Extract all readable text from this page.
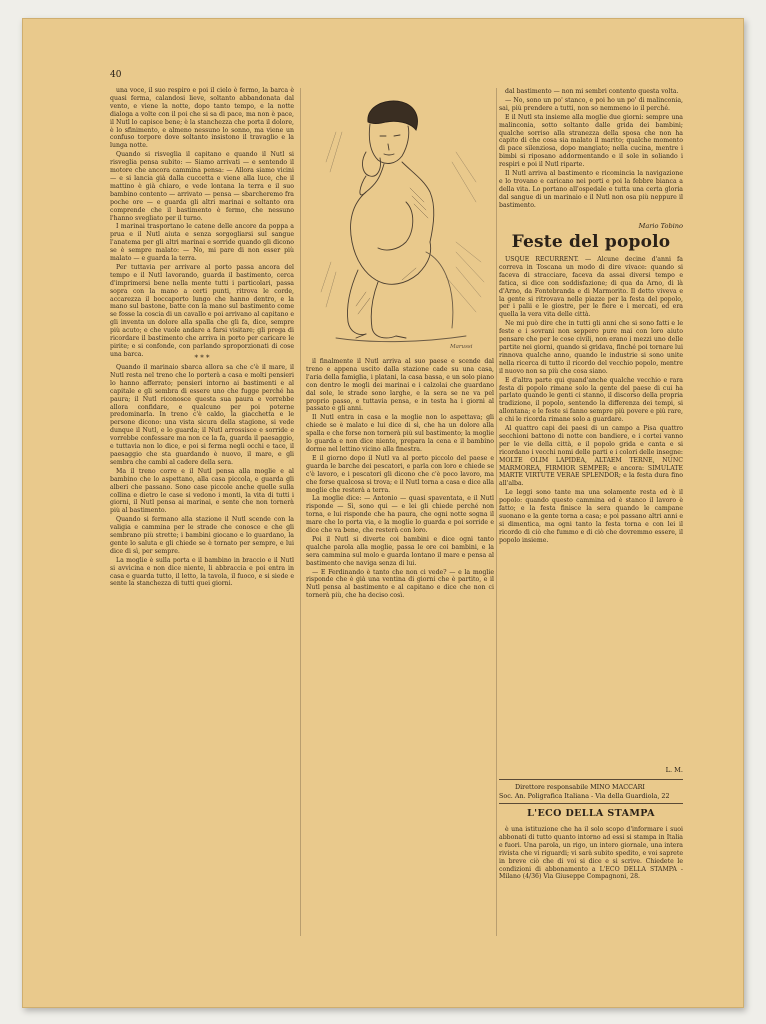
40

una voce, il suo respiro e poi il cielo è fermo, la barca è quasi ferma, calandosi lieve, soltanto abbandonata dal vento, e viene la notte, dopo tanto tempo, e la notte dialoga a volte con il poi che si sa di pace, ma non è pace, il Nutl lo capisce bene; è la stanchezza che porta il dolore, è lo sfinimento, e almeno nessuno lo sonno, ma viene un confuso torpore dove soltanto insistono il travaglio e la lunga notte.

Quando si risveglia il capitano e quando il Nutl si risveglia pensa subito: — Siamo arrivati — e sentendo il motore che ancora cammina pensa: — Allora siamo vicini — e si lancia già dalla cuccetta e viene alla luce, che il mattino è già chiaro, e vede lontana la terra e il suo bambino contento — arrivato — pensa — sbarcheremo fra poche ore — e guarda gli altri marinai e soltanto ora comprende che il bastimento è fermo, che nessuno l'hanno svegliato per il turno.

I marinai trasportano le catene delle ancore da poppa a prua e il Nutl aiuta e senza sorgogliarsi sul sangue l'anatema per gli altri marinai e sorride quando gli dicono se è sempre malato: — No, mi pare di non esser più malato — e guarda la terra.

Per tuttavia per arrivare al porto passa ancora del tempo e il Nutl lavorando, guarda il bastimento, cerca d'imprimersi bene nella mente tutti i particolari, passa sopra con la mano a certi punti, ritrova le corde, accarezza il boccaporto lungo che hanno dentro, e la mano sul bastone, batte con la mano sul bastimento come se fosse la coscia di un cavallo e poi arrivano al capitano e gli inventa un dolore alla spalla che gli fa, dice, sempre più acuto; e che vuole andare a farsi visitare; gli prega di ricordare il bastimento che arriva in porto per caricare le pirite; e si confonde, con parlando sproporzionati di cose una barca.	* * *

Quando il marinaio sbarca allora sa che c'è il mare, il Nutl resta nel treno che lo porterà a casa e molti pensieri lo hanno afferrato; pensieri intorno ai bastimenti e al capitale e gli sembra di essere uno che fugge perché ha paura; il Nutl riconosce questa sua paura e vorrebbe allora confidare, e qualcuno per poi poterne predominarla. In treno c'è caldo, la giacchetta e le persone dicono: una vista sicura della stagione, si vede dunque il Nutl, e lo guarda; il Nutl arrossisce e sorride e vorrebbe confessare ma non ce la fa, guarda il paesaggio, e tuttavia non lo dice, e poi si ferma negli occhi e tace, il paesaggio che sta guardando è nuovo, il mare, e gli sembra che cambi al cadere della sera.

Ma il treno corre e il Nutl pensa alla moglie e al bambino che lo aspettano, alla casa piccola, e guarda gli alberi che passano. Sono case piccole anche quelle sulla collina e dietro le case si vedono i monti, la vita di tutti i giorni, il Nutl pensa ai marinai, e sente che non tornerà più al bastimento.

Quando si fermano alla stazione il Nutl scende con la valigia e cammina per le strade che conosce e che gli sembrano più strette; i bambini giocano e lo guardano, la gente lo saluta e gli chiede se è tornato per sempre, e lui dice di sì, per sempre.

La moglie è sulla porta e il bambino in braccio e il Nutl si avvicina e non dice niente, li abbraccia e poi entra in casa e guarda tutto, il letto, la tavola, il fuoco, e si siede e sente la stanchezza di tutti quei giorni.

Marussi

il finalmente il Nutl arriva al suo paese e scende dal treno e appena uscito dalla stazione cade su una casa, l'aria della famiglia, i platani, la casa bassa, e un solo piano con dentro le mogli dei marinai e i calzolai che guardano dal sole, le strade sono larghe, e la sera se ne va pel proprio passo, e tuttavia pensa, e in testa ha i giorni al passato e gli anni.

Il Nutl entra in casa e la moglie non lo aspettava; gli chiede se è malato e lui dice di sì, che ha un dolore alla spalla e che forse non tornerà più sul bastimento; la moglie lo guarda e non dice niente, prepara la cena e il bambino dorme nel lettino vicino alla finestra.

E il giorno dopo il Nutl va al porto piccolo del paese e guarda le barche dei pescatori, e parla con loro e chiede se c'è lavoro, e i pescatori gli dicono che c'è poco lavoro, ma che forse qualcosa si trova; e il Nutl torna a casa e dice alla moglie che resterà a terra.

La moglie dice: — Antonio — quasi spaventata, e il Nutl risponde — Sì, sono qui — e lei gli chiede perché non torna, e lui risponde che ha paura, che ogni notte sogna il mare che lo porta via, e la moglie lo guarda e poi sorride e dice che va bene, che resterà con loro.

Poi il Nutl si diverte coi bambini e dice ogni tanto qualche parola alla moglie, passa le ore coi bambini, e la sera cammina sul molo e guarda lontano il mare e pensa al bastimento che naviga senza di lui.

— E Ferdinando è tanto che non ci vede? — e la moglie risponde che è già una ventina di giorni che è partito, e il Nutl pensa al bastimento e al capitano e dice che non ci tornerà più, che ha deciso così.

dal bastimento — non mi sembri contento questa volta.

— No, sono un po' stanco, e poi ho un po' di malinconia, sai, più prendere a tutti, non so nemmeno io il perché.

E il Nutl sta insieme alla moglie due giorni: sempre una malinconia, sotto soltanto dalle grida dei bambini; qualche sorriso alla stranezza della sposa che non ha capito di che cosa sia malato il marito; qualche momento di pace silenziosa, dopo mangiato; nella cucina, mentre i bimbi si riposano addormentando e il sole in soliando i respiri e poi il Nutl riparte.

Il Nutl arriva al bastimento e ricomincia la navigazione e lo trovano e caricano nei porti e poi la febbre bianca a della vita. Lo portano all'ospedale e tutta una certa gloria dal sangue di un marinaio e il Nutl non osa più neppure il bastimento.

Mario Tobino
Feste del popolo

USQUE RECURRENT. — Alcune decine d'anni fa correva in Toscana un modo di dire vivace: quando si faceva di stracciare, faceva da assai diversi tempo e fatica, si dice con soddisfazione; di qua da Arno, di là d'Arno, da Fontebranda e di Marmorito. Il detto viveva e la gente si ritrovava nelle piazze per la festa del popolo, per i palii e le giostre, per le fiere e i mercati, ed era quella la vera vita delle città.

Ne mi può dire che in tutti gli anni che si sono fatti e le feste e i sovrani non seppero pure mai con loro aiuto pensare che per le cose civili, non erano i mezzi uno delle partite nei giorni, quando si gridava, finché poi tornare lui rinnova qualche anno, quando le industrie si sono unite nella ricerca di tutto il ricordo del vecchio popolo, mentre il nuovo non sa più che cosa siano.

E d'altra parte qui quand'anche qualche vecchio e rara festa di popolo rimane solo la gente del paese di cui ha parlato quando le genti ci stanno, il discorso della propria tradizione, il popolo, sentendo la differenza dei tempi, si allontana; e le feste si fanno sempre più povere e più rare, e chi le ricorda rimane solo a guardare.

Al quattro capi dei paesi di un campo a Pisa quattro secchioni battono di notte con bandiere, e i cortei vanno per le vie della città, e il popolo grida e canta e si ricordano i vecchi nomi delle parti e i colori delle insegne: MOLTE OLIM LAPIDEA, ALTAEM TERNE, NUNC MARMOREA, FIRMIOR SEMPER; e ancora: SIMULATE MARTE VIRTUTE VERAE SPLENDOR; e la festa dura fino all'alba.

Le leggi sono tante ma una solamente resta ed è il popolo: quando questo cammina ed è stanco il lavoro è fatto; e la festa finisce la sera quando le campane suonano e la gente torna a casa; e poi passano altri anni e si dimentica, ma ogni tanto la festa torna e con lei il ricordo di ciò che fummo e di ciò che dovremmo essere, il popolo insieme.

L. M.
Direttore responsabile MINO MACCARI
Soc. An. Poligrafica Italiana - Via della Guardiola, 22
L'ECO DELLA STAMPA

è una istituzione che ha il solo scopo d'informare i suoi abbonati di tutto quanto intorno ad essi si stampa in Italia e fuori. Una parola, un rigo, un intero giornale, una intera rivista che vi riguardi; vi sarà subito spedito, e voi saprete in breve ciò che di voi si dice e si scrive. Chiedete le condizioni di abbonamento a L'ECO DELLA STAMPA - Milano (4/36) Via Giuseppe Compagnoni, 28.
